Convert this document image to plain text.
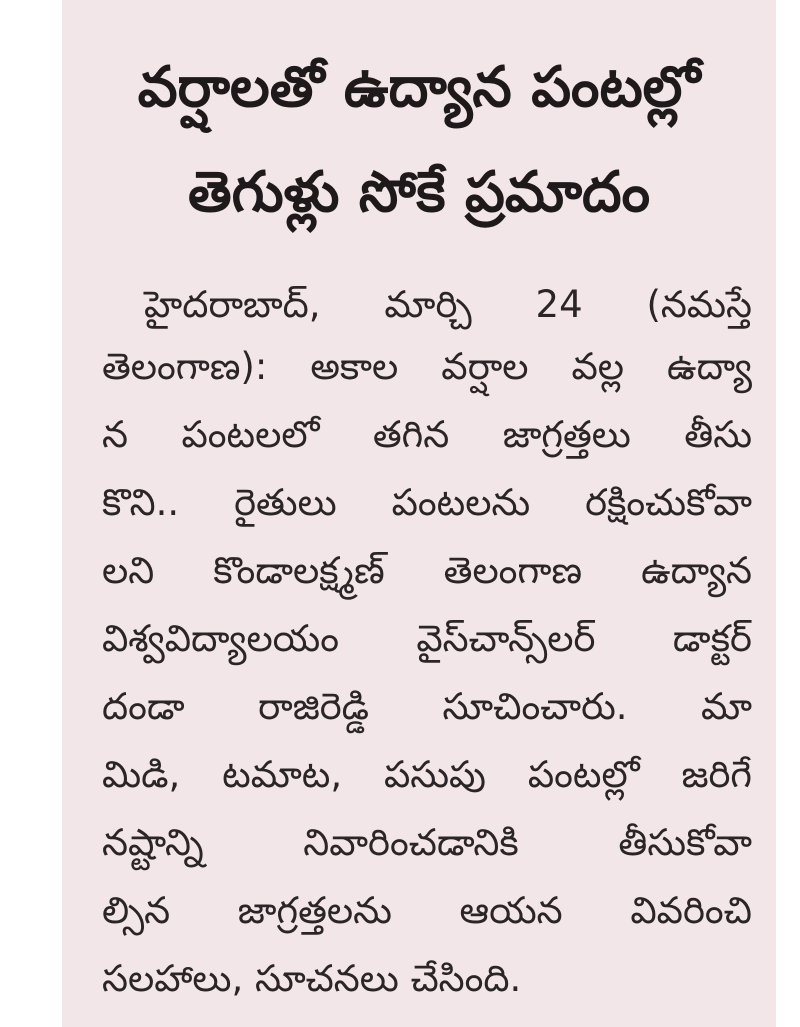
వర్షాలతో ఉద్యాన పంటల్లో
తెగుళ్లు సోకే ప్రమాదం
హైదరాబాద్, మార్చి 24 (నమస్తే
తెలంగాణ): అకాల వర్షాల వల్ల ఉద్యా
న పంటలలో తగిన జాగ్రత్తలు తీసు
కొని.. రైతులు పంటలను రక్షించుకోవా
లని కొండాలక్ష్మణ్ తెలంగాణ ఉద్యాన
విశ్వవిద్యాలయం వైస్‌చాన్స్‌లర్ డాక్టర్
దండా రాజిరెడ్డి సూచించారు. మా
మిడి, టమాట, పసుపు పంటల్లో జరిగే
నష్టాన్ని నివారించడానికి తీసుకోవా
ల్సిన జాగ్రత్తలను ఆయన వివరించి
సలహాలు, సూచనలు చేసింది.
